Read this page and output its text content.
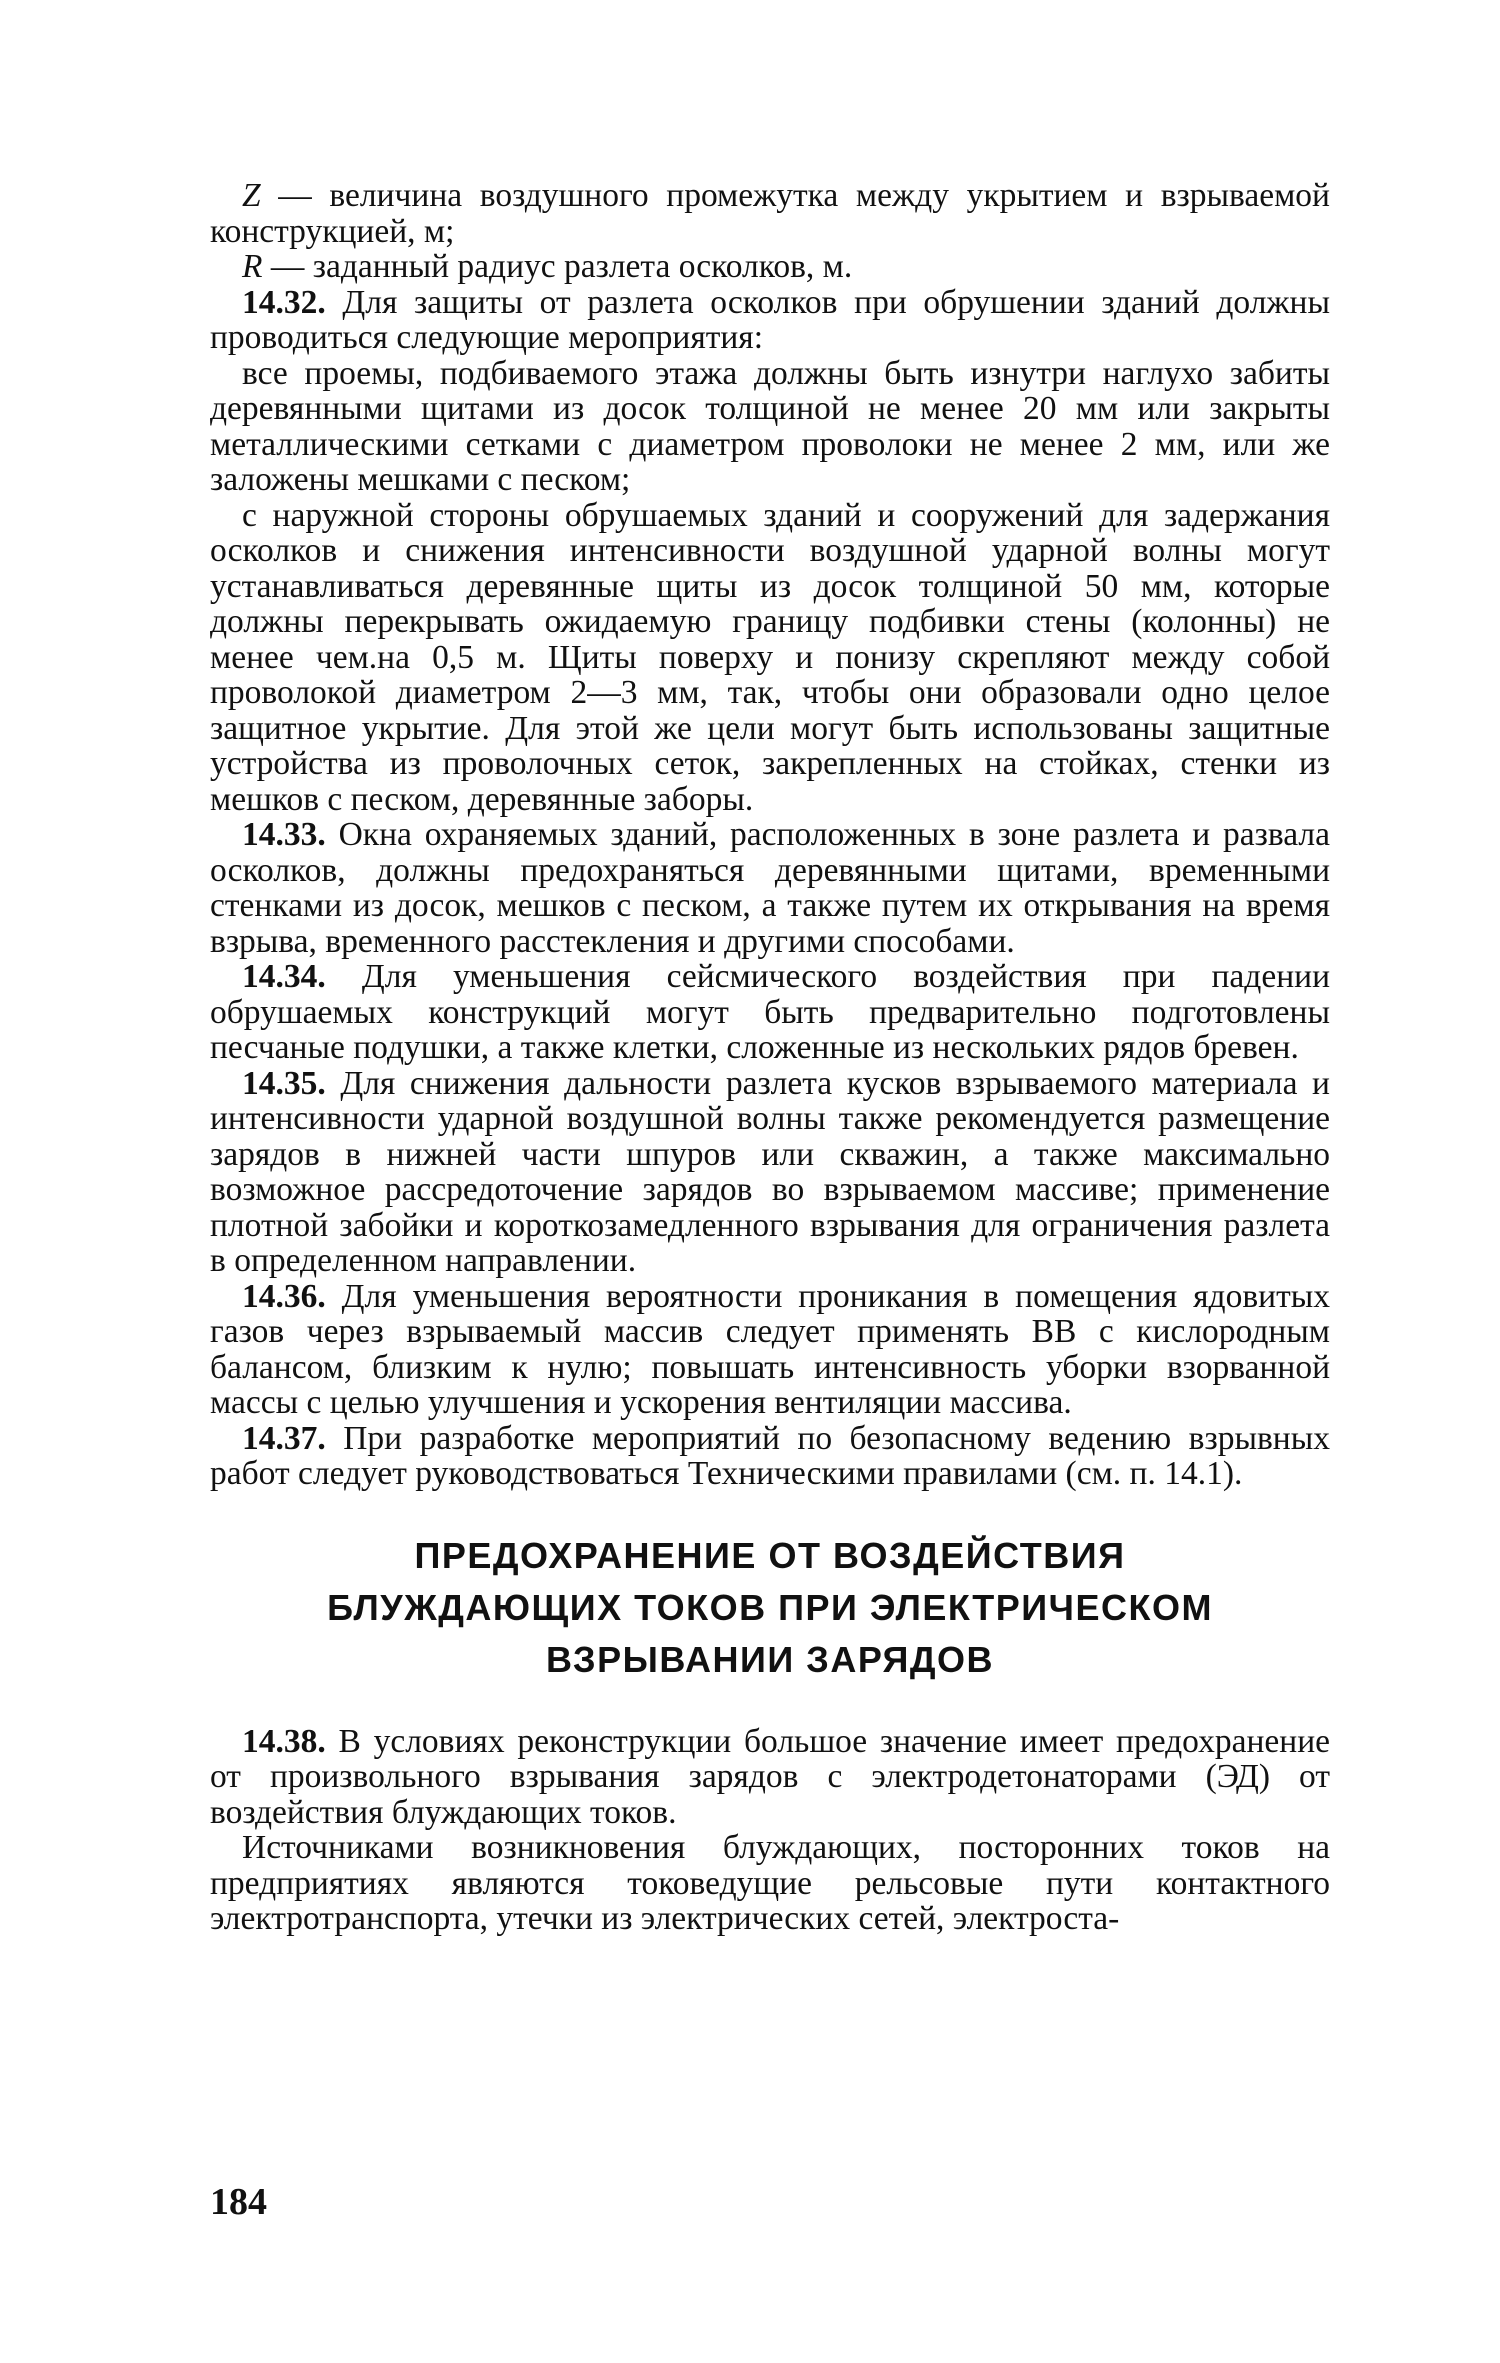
Z — величина воздушного промежутка между укрытием и взрываемой конструкцией, м;

R — заданный радиус разлета осколков, м.

14.32. Для защиты от разлета осколков при обрушении зданий должны проводиться следующие мероприятия:

все проемы, подбиваемого этажа должны быть изнутри наглухо забиты деревянными щитами из досок толщиной не менее 20 мм или закрыты металлическими сетками с диаметром проволоки не менее 2 мм, или же заложены мешками с песком;

с наружной стороны обрушаемых зданий и сооружений для задержания осколков и снижения интенсивности воздушной ударной волны могут устанавливаться деревянные щиты из досок толщиной 50 мм, которые должны перекрывать ожидаемую границу подбивки стены (колонны) не менее чем.на 0,5 м. Щиты поверху и понизу скрепляют между собой проволокой диаметром 2—3 мм, так, чтобы они образовали одно целое защитное укрытие. Для этой же цели могут быть использованы защитные устройства из проволочных сеток, закрепленных на стойках, стенки из мешков с песком, деревянные заборы.

14.33. Окна охраняемых зданий, расположенных в зоне разлета и развала осколков, должны предохраняться деревянными щитами, временными стенками из досок, мешков с песком, а также путем их открывания на время взрыва, временного расстекления и другими способами.

14.34. Для уменьшения сейсмического воздействия при падении обрушаемых конструкций могут быть предварительно подготовлены песчаные подушки, а также клетки, сложенные из нескольких рядов бревен.

14.35. Для снижения дальности разлета кусков взрываемого материала и интенсивности ударной воздушной волны также рекомендуется размещение зарядов в нижней части шпуров или скважин, а также максимально возможное рассредоточение зарядов во взрываемом массиве; применение плотной забойки и короткозамедленного взрывания для ограничения разлета в определенном направлении.

14.36. Для уменьшения вероятности проникания в помещения ядовитых газов через взрываемый массив следует применять ВВ с кислородным балансом, близким к нулю; повышать интенсивность уборки взорванной массы с целью улучшения и ускорения вентиляции массива.

14.37. При разработке мероприятий по безопасному ведению взрывных работ следует руководствоваться Техническими правилами (см. п. 14.1).

ПРЕДОХРАНЕНИЕ ОТ ВОЗДЕЙСТВИЯ
БЛУЖДАЮЩИХ ТОКОВ ПРИ ЭЛЕКТРИЧЕСКОМ
ВЗРЫВАНИИ ЗАРЯДОВ

14.38. В условиях реконструкции большое значение имеет предохранение от произвольного взрывания зарядов с электродетонаторами (ЭД) от воздействия блуждающих токов.

Источниками возникновения блуждающих, посторонних токов на предприятиях являются токоведущие рельсовые пути контактного электротранспорта, утечки из электрических сетей, электроста-

184
